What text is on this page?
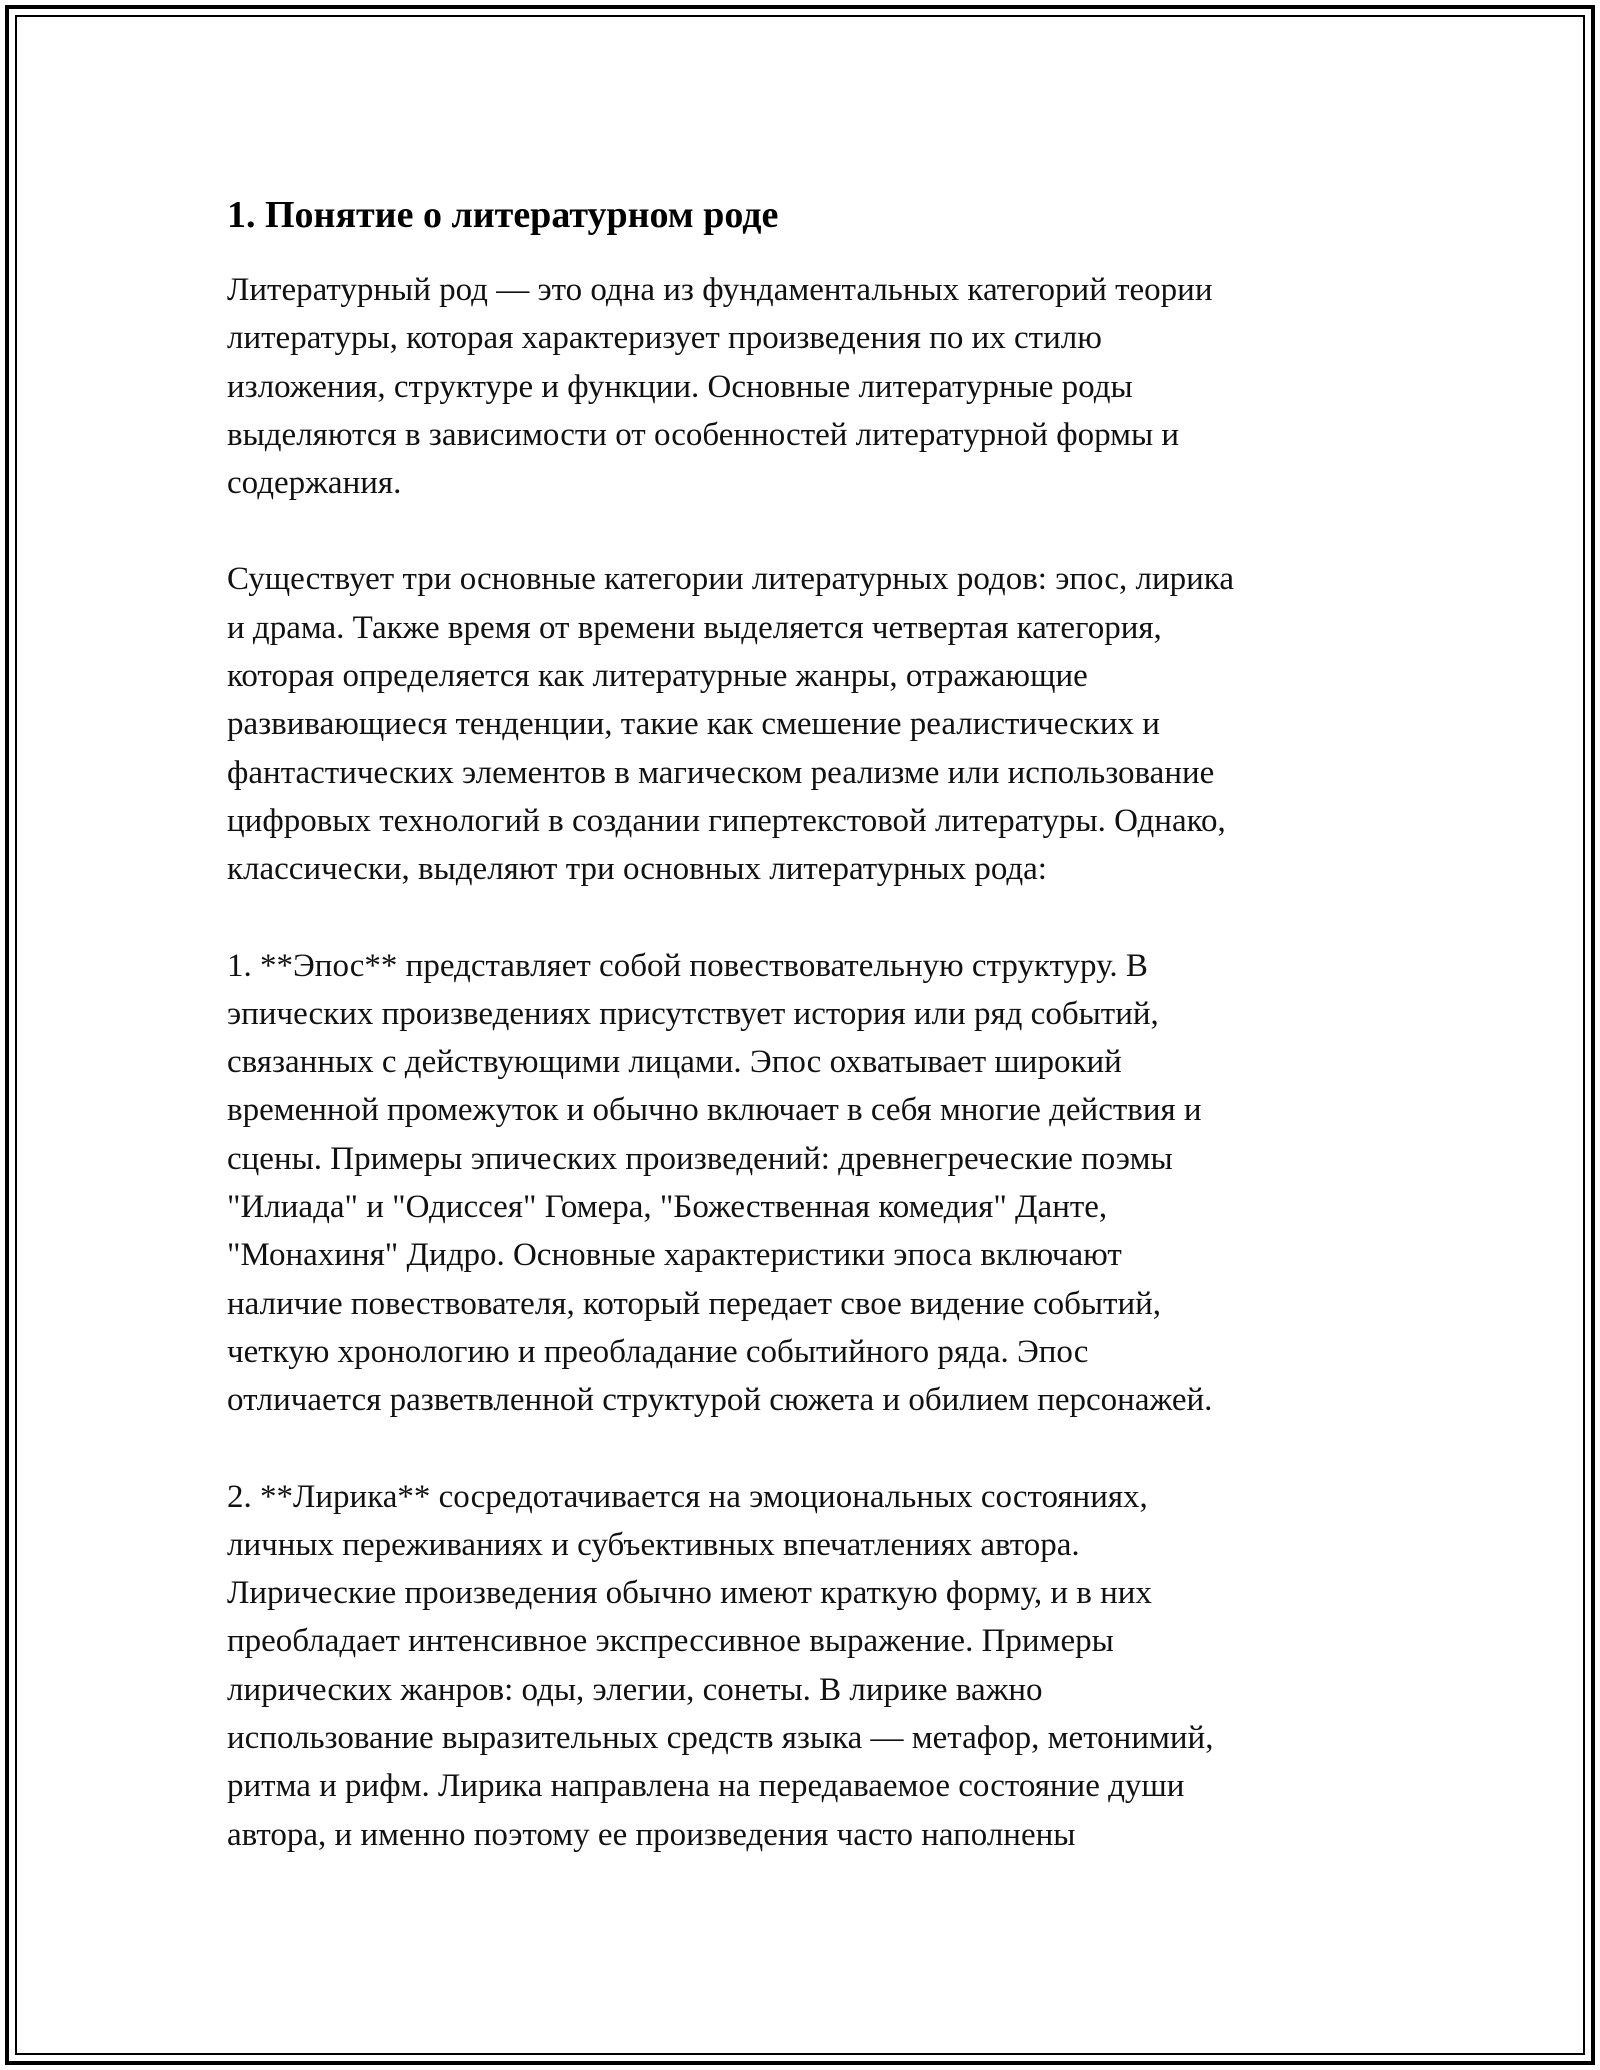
1. Понятие о литературном роде

Литературный род — это одна из фундаментальных категорий теории
литературы, которая характеризует произведения по их стилю
изложения, структуре и функции. Основные литературные роды
выделяются в зависимости от особенностей литературной формы и
содержания.

Существует три основные категории литературных родов: эпос, лирика
и драма. Также время от времени выделяется четвертая категория,
которая определяется как литературные жанры, отражающие
развивающиеся тенденции, такие как смешение реалистических и
фантастических элементов в магическом реализме или использование
цифровых технологий в создании гипертекстовой литературы. Однако,
классически, выделяют три основных литературных рода:

1. **Эпос** представляет собой повествовательную структуру. В
эпических произведениях присутствует история или ряд событий,
связанных с действующими лицами. Эпос охватывает широкий
временной промежуток и обычно включает в себя многие действия и
сцены. Примеры эпических произведений: древнегреческие поэмы
"Илиада" и "Одиссея" Гомера, "Божественная комедия" Данте,
"Монахиня" Дидро. Основные характеристики эпоса включают
наличие повествователя, который передает свое видение событий,
четкую хронологию и преобладание событийного ряда. Эпос
отличается разветвленной структурой сюжета и обилием персонажей.

2. **Лирика** сосредотачивается на эмоциональных состояниях,
личных переживаниях и субъективных впечатлениях автора.
Лирические произведения обычно имеют краткую форму, и в них
преобладает интенсивное экспрессивное выражение. Примеры
лирических жанров: оды, элегии, сонеты. В лирике важно
использование выразительных средств языка — метафор, метонимий,
ритма и рифм. Лирика направлена на передаваемое состояние души
автора, и именно поэтому ее произведения часто наполнены
